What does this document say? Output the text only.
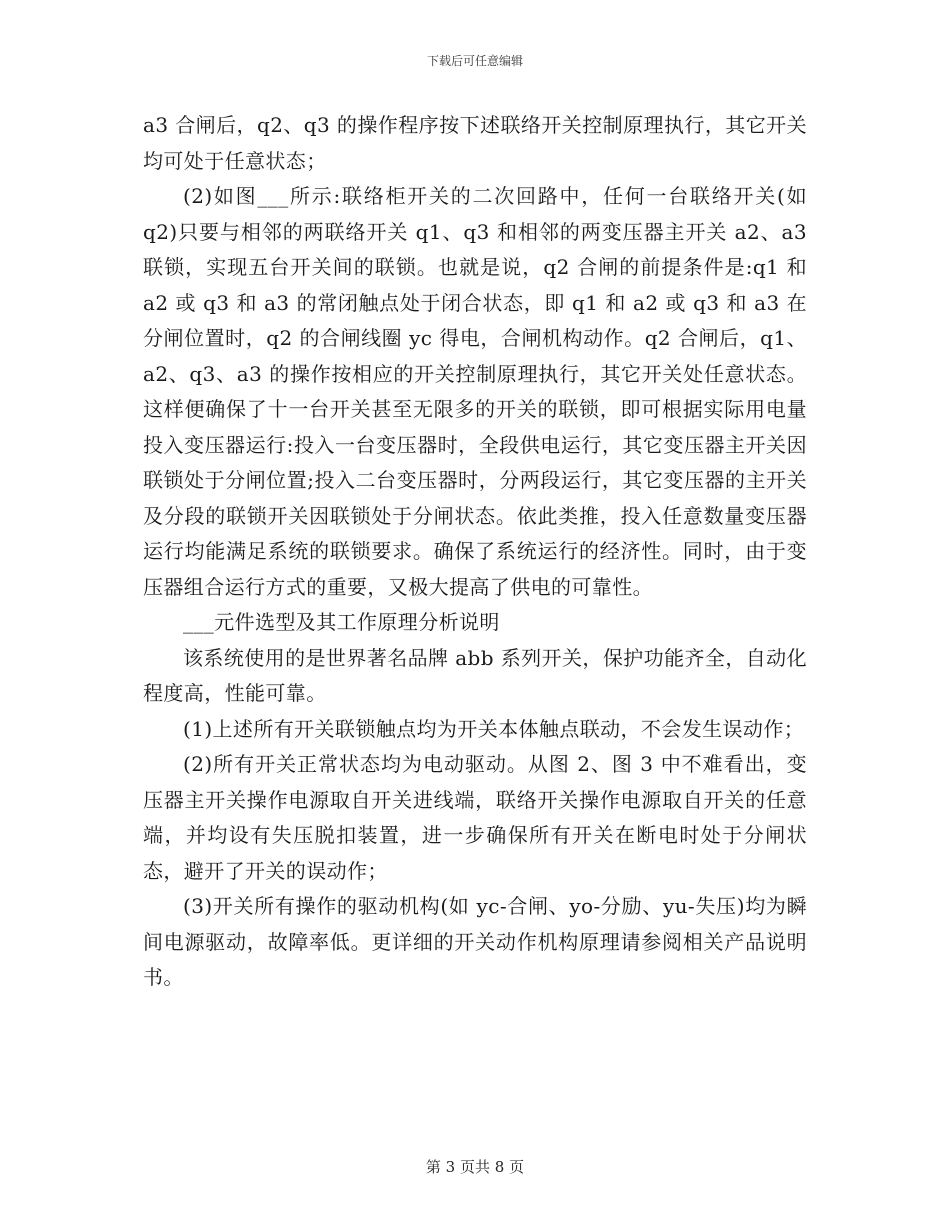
下载后可任意编辑

a3 合闸后，q2、q3 的操作程序按下述联络开关控制原理执行，其它开关均可处于任意状态；

(2)如图___所示:联络柜开关的二次回路中，任何一台联络开关(如 q2)只要与相邻的两联络开关 q1、q3 和相邻的两变压器主开关 a2、a3 联锁，实现五台开关间的联锁。也就是说，q2 合闸的前提条件是:q1 和 a2 或 q3 和 a3 的常闭触点处于闭合状态，即 q1 和 a2 或 q3 和 a3 在分闸位置时，q2 的合闸线圈 yc 得电，合闸机构动作。q2 合闸后，q1、a2、q3、a3 的操作按相应的开关控制原理执行，其它开关处任意状态。这样便确保了十一台开关甚至无限多的开关的联锁，即可根据实际用电量投入变压器运行:投入一台变压器时，全段供电运行，其它变压器主开关因联锁处于分闸位置;投入二台变压器时，分两段运行，其它变压器的主开关及分段的联锁开关因联锁处于分闸状态。依此类推，投入任意数量变压器运行均能满足系统的联锁要求。确保了系统运行的经济性。同时，由于变压器组合运行方式的重要，又极大提高了供电的可靠性。

___元件选型及其工作原理分析说明

该系统使用的是世界著名品牌 abb 系列开关，保护功能齐全，自动化程度高，性能可靠。

(1)上述所有开关联锁触点均为开关本体触点联动，不会发生误动作；

(2)所有开关正常状态均为电动驱动。从图 2、图 3 中不难看出，变压器主开关操作电源取自开关进线端，联络开关操作电源取自开关的任意端，并均设有失压脱扣装置，进一步确保所有开关在断电时处于分闸状态，避开了开关的误动作；

(3)开关所有操作的驱动机构(如 yc-合闸、yo-分励、yu-失压)均为瞬间电源驱动，故障率低。更详细的开关动作机构原理请参阅相关产品说明书。

第 3 页共 8 页
